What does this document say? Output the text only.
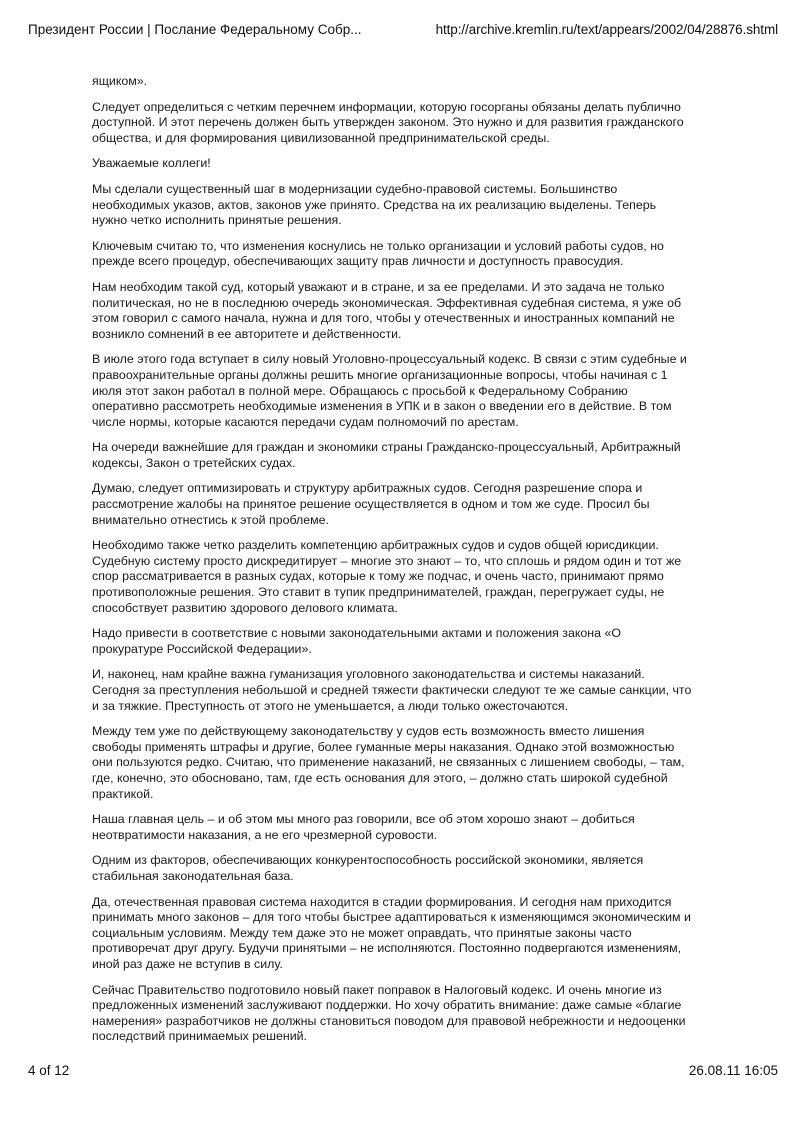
Президент России | Послание Федеральному Собр...	http://archive.kremlin.ru/text/appears/2002/04/28876.shtml

ящиком».

Следует определиться с четким перечнем информации, которую госорганы обязаны делать публично доступной. И этот перечень должен быть утвержден законом. Это нужно и для развития гражданского общества, и для формирования цивилизованной предпринимательской среды.

Уважаемые коллеги!

Мы сделали существенный шаг в модернизации судебно-правовой системы. Большинство необходимых указов, актов, законов уже принято. Средства на их реализацию выделены. Теперь нужно четко исполнить принятые решения.

Ключевым считаю то, что изменения коснулись не только организации и условий работы судов, но прежде всего процедур, обеспечивающих защиту прав личности и доступность правосудия.

Нам необходим такой суд, который уважают и в стране, и за ее пределами. И это задача не только политическая, но не в последнюю очередь экономическая. Эффективная судебная система, я уже об этом говорил с самого начала, нужна и для того, чтобы у отечественных и иностранных компаний не возникло сомнений в ее авторитете и действенности.

В июле этого года вступает в силу новый Уголовно-процессуальный кодекс. В связи с этим судебные и правоохранительные органы должны решить многие организационные вопросы, чтобы начиная с 1 июля этот закон работал в полной мере. Обращаюсь с просьбой к Федеральному Собранию оперативно рассмотреть необходимые изменения в УПК и в закон о введении его в действие. В том числе нормы, которые касаются передачи судам полномочий по арестам.

На очереди важнейшие для граждан и экономики страны Гражданско-процессуальный, Арбитражный кодексы, Закон о третейских судах.

Думаю, следует оптимизировать и структуру арбитражных судов. Сегодня разрешение спора и рассмотрение жалобы на принятое решение осуществляется в одном и том же суде. Просил бы внимательно отнестись к этой проблеме.

Необходимо также четко разделить компетенцию арбитражных судов и судов общей юрисдикции. Судебную систему просто дискредитирует – многие это знают – то, что сплошь и рядом один и тот же спор рассматривается в разных судах, которые к тому же подчас, и очень часто, принимают прямо противоположные решения. Это ставит в тупик предпринимателей, граждан, перегружает суды, не способствует развитию здорового делового климата.

Надо привести в соответствие с новыми законодательными актами и положения закона «О прокуратуре Российской Федерации».

И, наконец, нам крайне важна гуманизация уголовного законодательства и системы наказаний. Сегодня за преступления небольшой и средней тяжести фактически следуют те же самые санкции, что и за тяжкие. Преступность от этого не уменьшается, а люди только ожесточаются.

Между тем уже по действующему законодательству у судов есть возможность вместо лишения свободы применять штрафы и другие, более гуманные меры наказания. Однако этой возможностью они пользуются редко. Считаю, что применение наказаний, не связанных с лишением свободы, – там, где, конечно, это обосновано, там, где есть основания для этого, – должно стать широкой судебной практикой.

Наша главная цель – и об этом мы много раз говорили, все об этом хорошо знают – добиться неотвратимости наказания, а не его чрезмерной суровости.

Одним из факторов, обеспечивающих конкурентоспособность российской экономики, является стабильная законодательная база.

Да, отечественная правовая система находится в стадии формирования. И сегодня нам приходится принимать много законов – для того чтобы быстрее адаптироваться к изменяющимся экономическим и социальным условиям. Между тем даже это не может оправдать, что принятые законы часто противоречат друг другу. Будучи принятыми – не исполняются. Постоянно подвергаются изменениям, иной раз даже не вступив в силу.

Сейчас Правительство подготовило новый пакет поправок в Налоговый кодекс. И очень многие из предложенных изменений заслуживают поддержки. Но хочу обратить внимание: даже самые «благие намерения» разработчиков не должны становиться поводом для правовой небрежности и недооценки последствий принимаемых решений.

4 of 12	26.08.11 16:05
